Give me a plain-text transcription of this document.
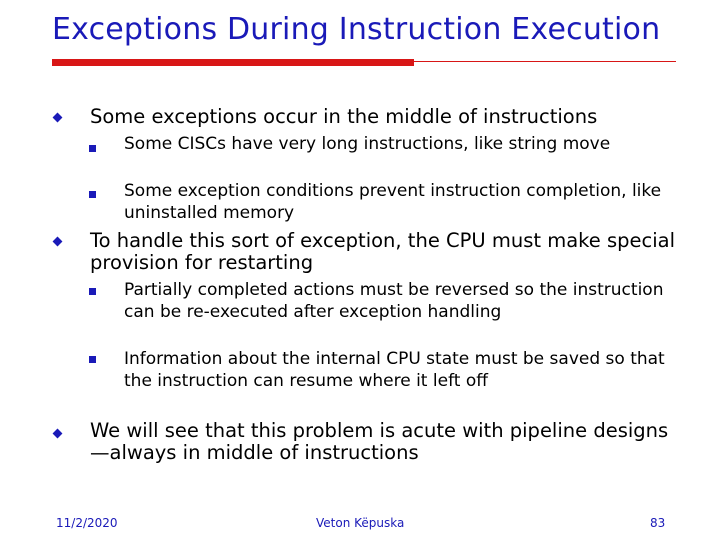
Exceptions During Instruction Execution
Some exceptions occur in the middle of instructions
Some CISCs have very long instructions, like string move
Some exception conditions prevent instruction completion, like uninstalled memory
To handle this sort of exception, the CPU must make special provision for restarting
Partially completed actions must be reversed so the instruction can be re-executed after exception handling
Information about the internal CPU state must be saved so that the instruction can resume where it left off
We will see that this problem is acute with pipeline designs—always in middle of instructions
11/2/2020	Veton Këpuska	83
